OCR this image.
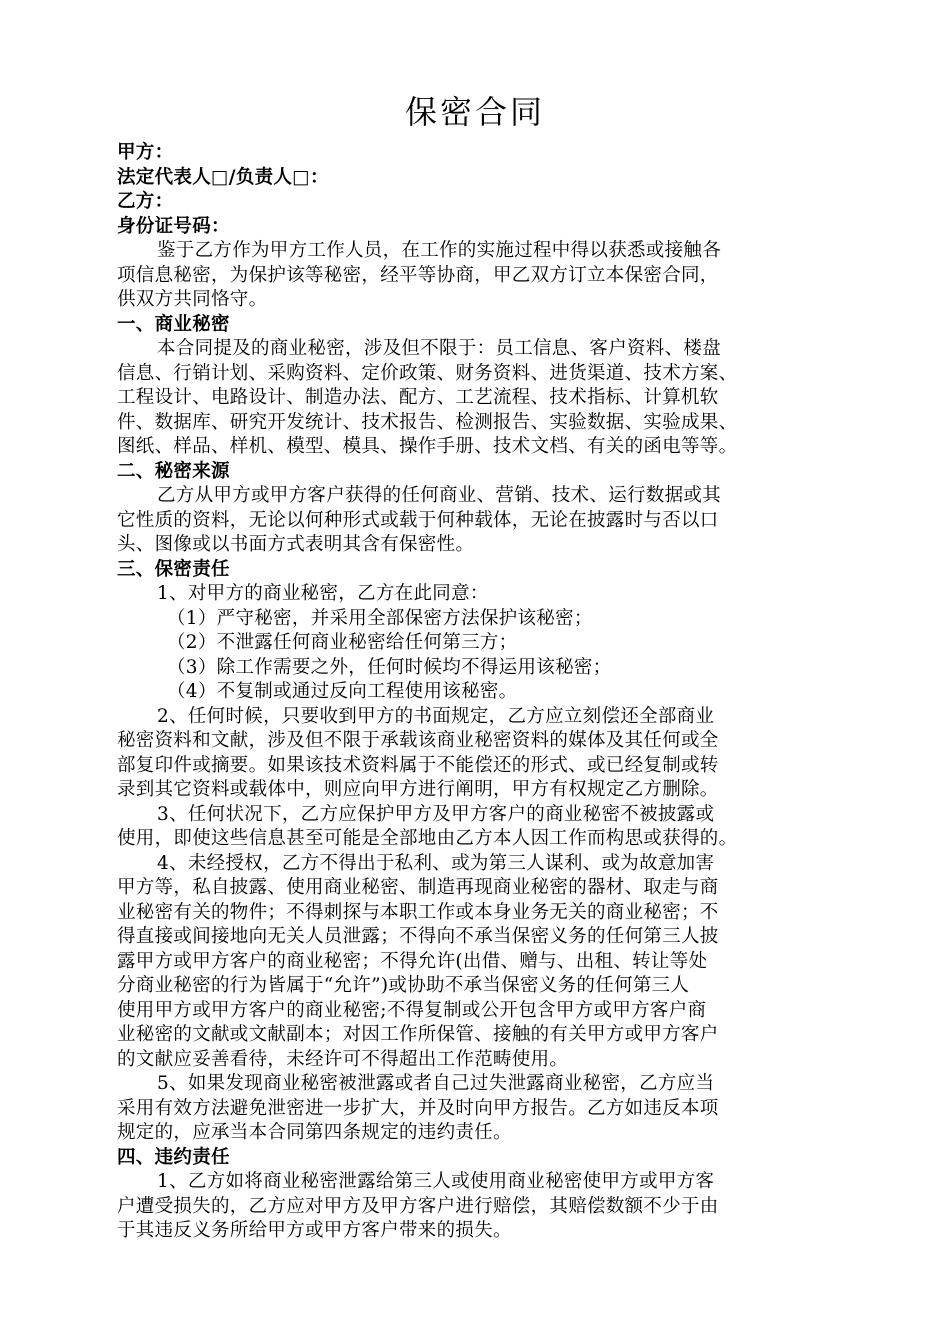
保密合同
甲方：
法定代表人□/负责人□：
乙方：
身份证号码：
鉴于乙方作为甲方工作人员，在工作的实施过程中得以获悉或接触各
项信息秘密，为保护该等秘密，经平等协商，甲乙双方订立本保密合同，
供双方共同恪守。
一、商业秘密
本合同提及的商业秘密，涉及但不限于：员工信息、客户资料、楼盘
信息、行销计划、采购资料、定价政策、财务资料、进货渠道、技术方案、
工程设计、电路设计、制造办法、配方、工艺流程、技术指标、计算机软
件、数据库、研究开发统计、技术报告、检测报告、实验数据、实验成果、
图纸、样品、样机、模型、模具、操作手册、技术文档、有关的函电等等。
二、秘密来源
乙方从甲方或甲方客户获得的任何商业、营销、技术、运行数据或其
它性质的资料，无论以何种形式或载于何种载体，无论在披露时与否以口
头、图像或以书面方式表明其含有保密性。
三、保密责任
1、对甲方的商业秘密，乙方在此同意：
（1）严守秘密，并采用全部保密方法保护该秘密；
（2）不泄露任何商业秘密给任何第三方；
（3）除工作需要之外，任何时候均不得运用该秘密；
（4）不复制或通过反向工程使用该秘密。
2、任何时候，只要收到甲方的书面规定，乙方应立刻偿还全部商业
秘密资料和文献，涉及但不限于承载该商业秘密资料的媒体及其任何或全
部复印件或摘要。如果该技术资料属于不能偿还的形式、或已经复制或转
录到其它资料或载体中，则应向甲方进行阐明，甲方有权规定乙方删除。
3、任何状况下，乙方应保护甲方及甲方客户的商业秘密不被披露或
使用，即使这些信息甚至可能是全部地由乙方本人因工作而构思或获得的。
4、未经授权，乙方不得出于私利、或为第三人谋利、或为故意加害
甲方等，私自披露、使用商业秘密、制造再现商业秘密的器材、取走与商
业秘密有关的物件；不得刺探与本职工作或本身业务无关的商业秘密；不
得直接或间接地向无关人员泄露；不得向不承当保密义务的任何第三人披
露甲方或甲方客户的商业秘密；不得允许(出借、赠与、出租、转让等处
分商业秘密的行为皆属于“允许”)或协助不承当保密义务的任何第三人
使用甲方或甲方客户的商业秘密;不得复制或公开包含甲方或甲方客户商
业秘密的文献或文献副本；对因工作所保管、接触的有关甲方或甲方客户
的文献应妥善看待，未经许可不得超出工作范畴使用。
5、如果发现商业秘密被泄露或者自己过失泄露商业秘密，乙方应当
采用有效方法避免泄密进一步扩大，并及时向甲方报告。乙方如违反本项
规定的，应承当本合同第四条规定的违约责任。
四、违约责任
1、乙方如将商业秘密泄露给第三人或使用商业秘密使甲方或甲方客
户遭受损失的，乙方应对甲方及甲方客户进行赔偿，其赔偿数额不少于由
于其违反义务所给甲方或甲方客户带来的损失。
